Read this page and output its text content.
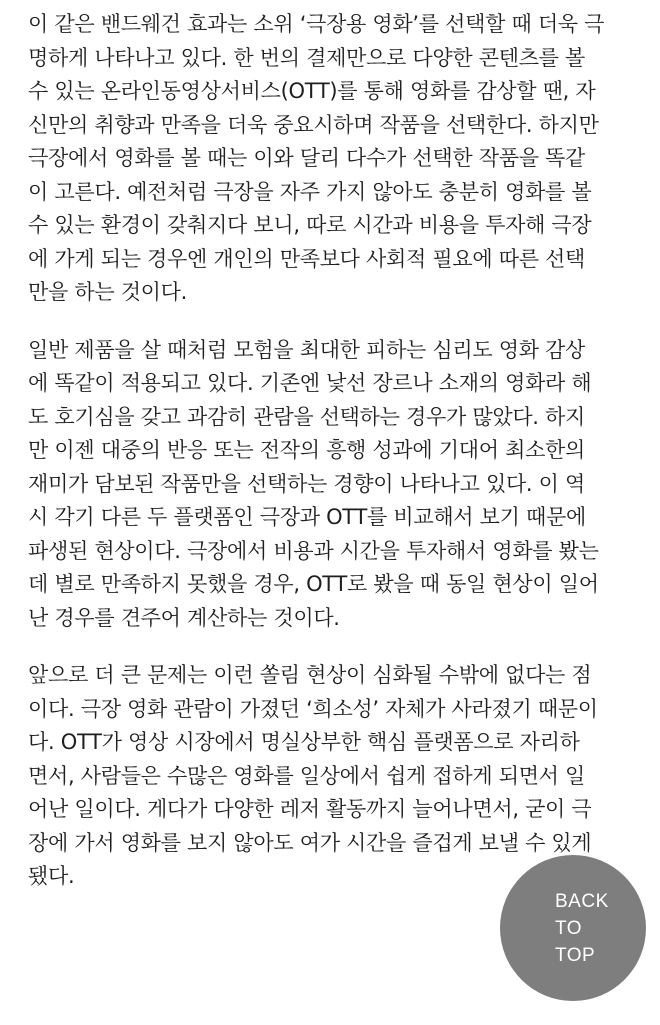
이 같은 밴드웨건 효과는 소위 ‘극장용 영화’를 선택할 때 더욱 극
명하게 나타나고 있다. 한 번의 결제만으로 다양한 콘텐츠를 볼
수 있는 온라인동영상서비스(OTT)를 통해 영화를 감상할 땐, 자
신만의 취향과 만족을 더욱 중요시하며 작품을 선택한다. 하지만
극장에서 영화를 볼 때는 이와 달리 다수가 선택한 작품을 똑같
이 고른다. 예전처럼 극장을 자주 가지 않아도 충분히 영화를 볼
수 있는 환경이 갖춰지다 보니, 따로 시간과 비용을 투자해 극장
에 가게 되는 경우엔 개인의 만족보다 사회적 필요에 따른 선택
만을 하는 것이다.

일반 제품을 살 때처럼 모험을 최대한 피하는 심리도 영화 감상
에 똑같이 적용되고 있다. 기존엔 낯선 장르나 소재의 영화라 해
도 호기심을 갖고 과감히 관람을 선택하는 경우가 많았다. 하지
만 이젠 대중의 반응 또는 전작의 흥행 성과에 기대어 최소한의
재미가 담보된 작품만을 선택하는 경향이 나타나고 있다. 이 역
시 각기 다른 두 플랫폼인 극장과 OTT를 비교해서 보기 때문에
파생된 현상이다. 극장에서 비용과 시간을 투자해서 영화를 봤는
데 별로 만족하지 못했을 경우, OTT로 봤을 때 동일 현상이 일어
난 경우를 견주어 계산하는 것이다.

앞으로 더 큰 문제는 이런 쏠림 현상이 심화될 수밖에 없다는 점
이다. 극장 영화 관람이 가졌던 ‘희소성’ 자체가 사라졌기 때문이
다. OTT가 영상 시장에서 명실상부한 핵심 플랫폼으로 자리하
면서, 사람들은 수많은 영화를 일상에서 쉽게 접하게 되면서 일
어난 일이다. 게다가 다양한 레저 활동까지 늘어나면서, 굳이 극
장에 가서 영화를 보지 않아도 여가 시간을 즐겁게 보낼 수 있게
됐다.

BACK
TO
TOP
